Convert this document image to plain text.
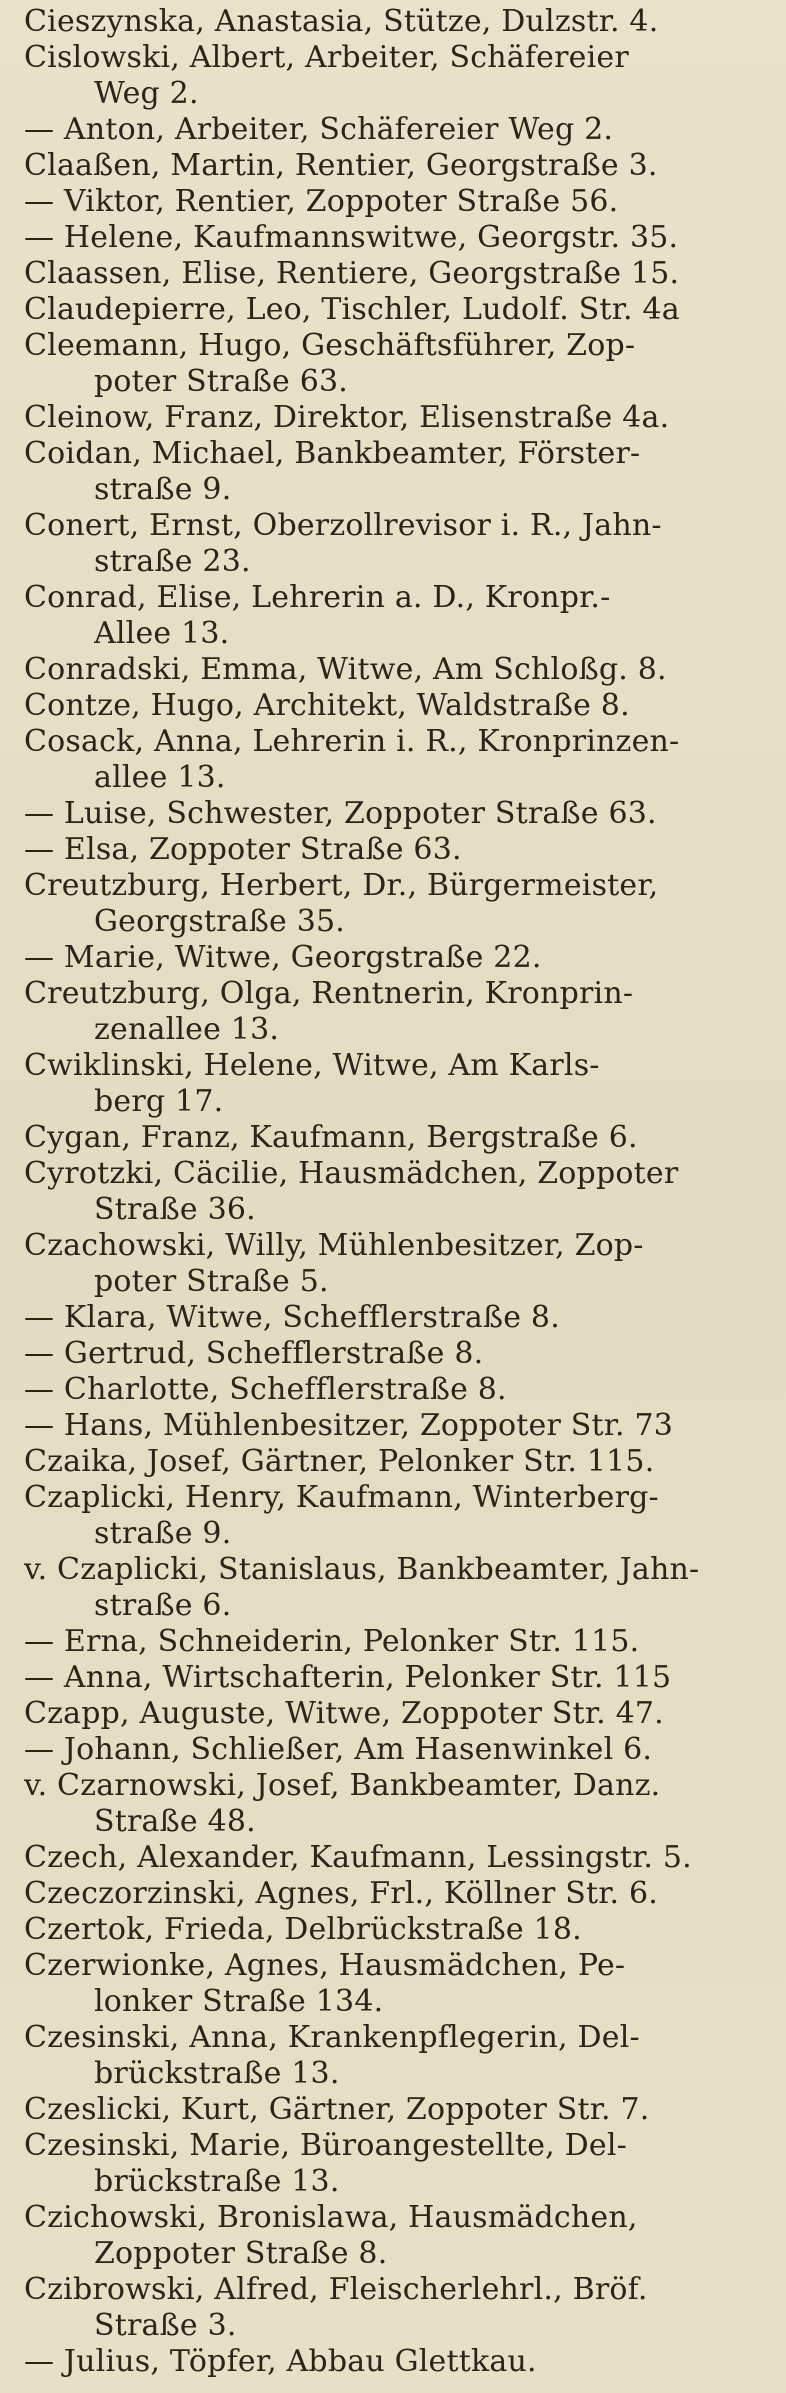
Cieszynska, Anastasia, Stütze, Dulzstr. 4.
Cislowski, Albert, Arbeiter, Schäfereier
Weg 2.
— Anton, Arbeiter, Schäfereier Weg 2.
Claaßen, Martin, Rentier, Georgstraße 3.
— Viktor, Rentier, Zoppoter Straße 56.
— Helene, Kaufmannswitwe, Georgstr. 35.
Claassen, Elise, Rentiere, Georgstraße 15.
Claudepierre, Leo, Tischler, Ludolf. Str. 4a
Cleemann, Hugo, Geschäftsführer, Zop-
poter Straße 63.
Cleinow, Franz, Direktor, Elisenstraße 4a.
Coidan, Michael, Bankbeamter, Förster-
straße 9.
Conert, Ernst, Oberzollrevisor i. R., Jahn-
straße 23.
Conrad, Elise, Lehrerin a. D., Kronpr.-
Allee 13.
Conradski, Emma, Witwe, Am Schloßg. 8.
Contze, Hugo, Architekt, Waldstraße 8.
Cosack, Anna, Lehrerin i. R., Kronprinzen-
allee 13.
— Luise, Schwester, Zoppoter Straße 63.
— Elsa, Zoppoter Straße 63.
Creutzburg, Herbert, Dr., Bürgermeister,
Georgstraße 35.
— Marie, Witwe, Georgstraße 22.
Creutzburg, Olga, Rentnerin, Kronprin-
zenallee 13.
Cwiklinski, Helene, Witwe, Am Karls-
berg 17.
Cygan, Franz, Kaufmann, Bergstraße 6.
Cyrotzki, Cäcilie, Hausmädchen, Zoppoter
Straße 36.
Czachowski, Willy, Mühlenbesitzer, Zop-
poter Straße 5.
— Klara, Witwe, Schefflerstraße 8.
— Gertrud, Schefflerstraße 8.
— Charlotte, Schefflerstraße 8.
— Hans, Mühlenbesitzer, Zoppoter Str. 73
Czaika, Josef, Gärtner, Pelonker Str. 115.
Czaplicki, Henry, Kaufmann, Winterberg-
straße 9.
v. Czaplicki, Stanislaus, Bankbeamter, Jahn-
straße 6.
— Erna, Schneiderin, Pelonker Str. 115.
— Anna, Wirtschafterin, Pelonker Str. 115
Czapp, Auguste, Witwe, Zoppoter Str. 47.
— Johann, Schließer, Am Hasenwinkel 6.
v. Czarnowski, Josef, Bankbeamter, Danz.
Straße 48.
Czech, Alexander, Kaufmann, Lessingstr. 5.
Czeczorzinski, Agnes, Frl., Köllner Str. 6.
Czertok, Frieda, Delbrückstraße 18.
Czerwionke, Agnes, Hausmädchen, Pe-
lonker Straße 134.
Czesinski, Anna, Krankenpflegerin, Del-
brückstraße 13.
Czeslicki, Kurt, Gärtner, Zoppoter Str. 7.
Czesinski, Marie, Büroangestellte, Del-
brückstraße 13.
Czichowski, Bronislawa, Hausmädchen,
Zoppoter Straße 8.
Czibrowski, Alfred, Fleischerlehrl., Bröf.
Straße 3.
— Julius, Töpfer, Abbau Glettkau.
